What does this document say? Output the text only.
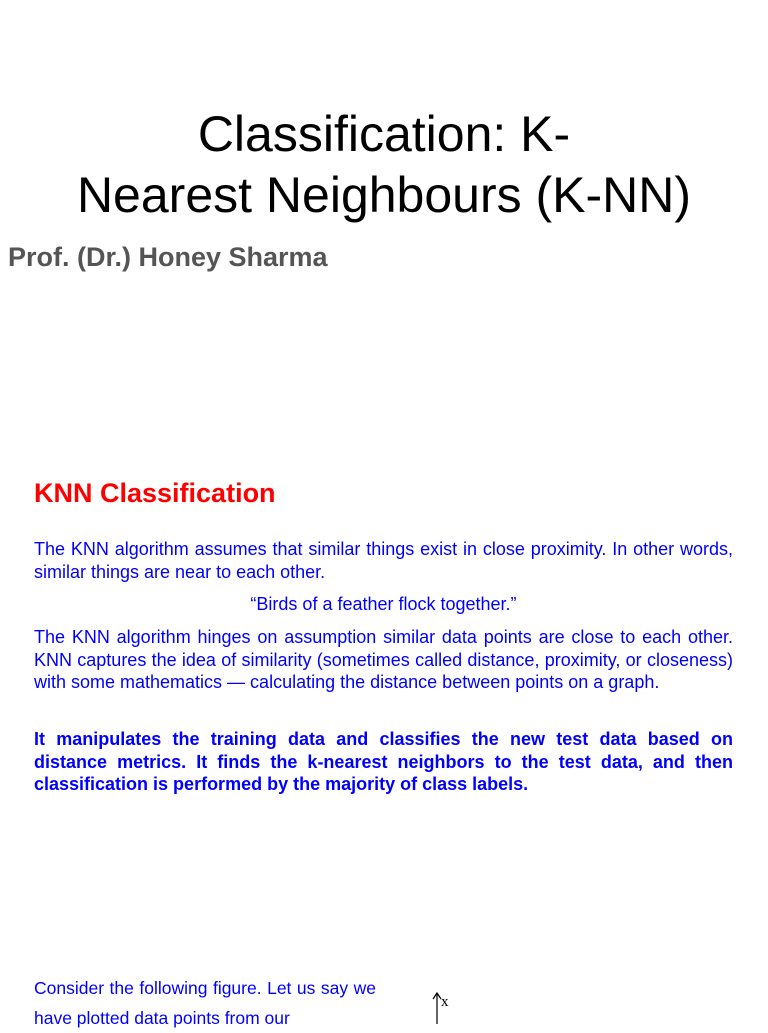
Classification: K-
Nearest Neighbours (K-NN)

Prof. (Dr.) Honey Sharma

KNN Classification

The KNN algorithm assumes that similar things exist in close proximity. In other words, similar things are near to each other.

“Birds of a feather flock together.”

The KNN algorithm hinges on assumption similar data points are close to each other. KNN captures the idea of similarity (sometimes called distance, proximity, or closeness) with some mathematics — calculating the distance between points on a graph.

It manipulates the training data and classifies the new test data based on distance metrics. It finds the k-nearest neighbors to the test data, and then classification is performed by the majority of class labels.

Consider the following figure. Let us say we have plotted data points from our

x
